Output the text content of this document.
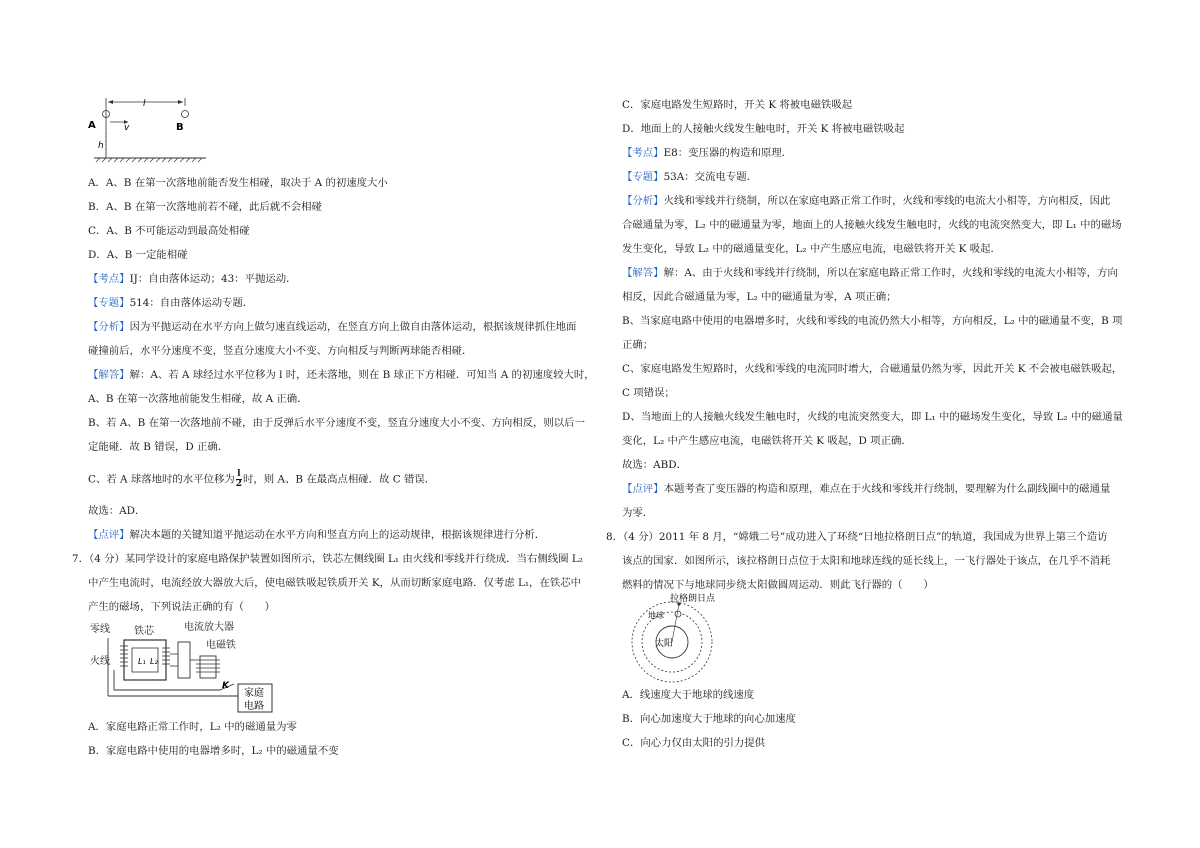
l
A	B
v
h
A．A、B 在第一次落地前能否发生相碰，取决于 A 的初速度大小
B．A、B 在第一次落地前若不碰，此后就不会相碰
C．A、B 不可能运动到最高处相碰
D．A、B 一定能相碰
【考点】IJ：自由落体运动；43：平抛运动．
【专题】514：自由落体运动专题．
【分析】因为平抛运动在水平方向上做匀速直线运动，在竖直方向上做自由落体运动，根据该规律抓住地面
碰撞前后，水平分速度不变，竖直分速度大小不变、方向相反与判断两球能否相碰．
【解答】解：A、若 A 球经过水平位移为 l 时，还未落地，则在 B 球正下方相碰．可知当 A 的初速度较大时，
A、B 在第一次落地前能发生相碰，故 A 正确．
B、若 A、B 在第一次落地前不碰，由于反弹后水平分速度不变，竖直分速度大小不变、方向相反，则以后一
定能碰．故 B 错误，D 正确．
C、若 A 球落地时的水平位移为 $\frac{l}{2}$ 时，则 A、B 在最高点相碰．故 C 错误．
故选：AD．
【点评】解决本题的关键知道平抛运动在水平方向和竖直方向上的运动规律，根据该规律进行分析．
7．（4 分）某同学设计的家庭电路保护装置如图所示，铁芯左侧线圈 L₁ 由火线和零线并行绕成．当右侧线圈 L₂
中产生电流时，电流经放大器放大后，使电磁铁吸起铁质开关 K，从而切断家庭电路．仅考虑 L₁，在铁芯中
产生的磁场，下列说法正确的有（　　）
零线 铁芯	电流放大器
电磁铁
火线	L₁ L₂
K
家庭
电路
A．家庭电路正常工作时，L₂ 中的磁通量为零
B．家庭电路中使用的电器增多时，L₂ 中的磁通量不变
C．家庭电路发生短路时，开关 K 将被电磁铁吸起
D．地面上的人接触火线发生触电时，开关 K 将被电磁铁吸起
【考点】E8：变压器的构造和原理．
【专题】53A：交流电专题．
【分析】火线和零线并行绕制，所以在家庭电路正常工作时，火线和零线的电流大小相等，方向相反，因此
合磁通量为零，L₂ 中的磁通量为零，地面上的人接触火线发生触电时，火线的电流突然变大，即 L₁ 中的磁场
发生变化，导致 L₂ 中的磁通量变化，L₂ 中产生感应电流，电磁铁将开关 K 吸起．
【解答】解：A、由于火线和零线并行绕制，所以在家庭电路正常工作时，火线和零线的电流大小相等，方向
相反，因此合磁通量为零，L₂ 中的磁通量为零，A 项正确；
B、当家庭电路中使用的电器增多时，火线和零线的电流仍然大小相等，方向相反，L₂ 中的磁通量不变，B 项
正确；
C、家庭电路发生短路时，火线和零线的电流同时增大，合磁通量仍然为零，因此开关 K 不会被电磁铁吸起，
C 项错误；
D、当地面上的人接触火线发生触电时，火线的电流突然变大，即 L₁ 中的磁场发生变化，导致 L₂ 中的磁通量
变化，L₂ 中产生感应电流，电磁铁将开关 K 吸起，D 项正确．
故选：ABD．
【点评】本题考查了变压器的构造和原理，难点在于火线和零线并行绕制，要理解为什么副线圈中的磁通量
为零．
8．（4 分）2011 年 8 月，“嫦娥二号”成功进入了环绕“日地拉格朗日点”的轨道，我国成为世界上第三个造访
该点的国家．如图所示，该拉格朗日点位于太阳和地球连线的延长线上，一飞行器处于该点，在几乎不消耗
燃料的情况下与地球同步绕太阳做圆周运动．则此飞行器的（　　）
拉格朗日点
地球
太阳
A．线速度大于地球的线速度
B．向心加速度大于地球的向心加速度
C．向心力仅由太阳的引力提供
